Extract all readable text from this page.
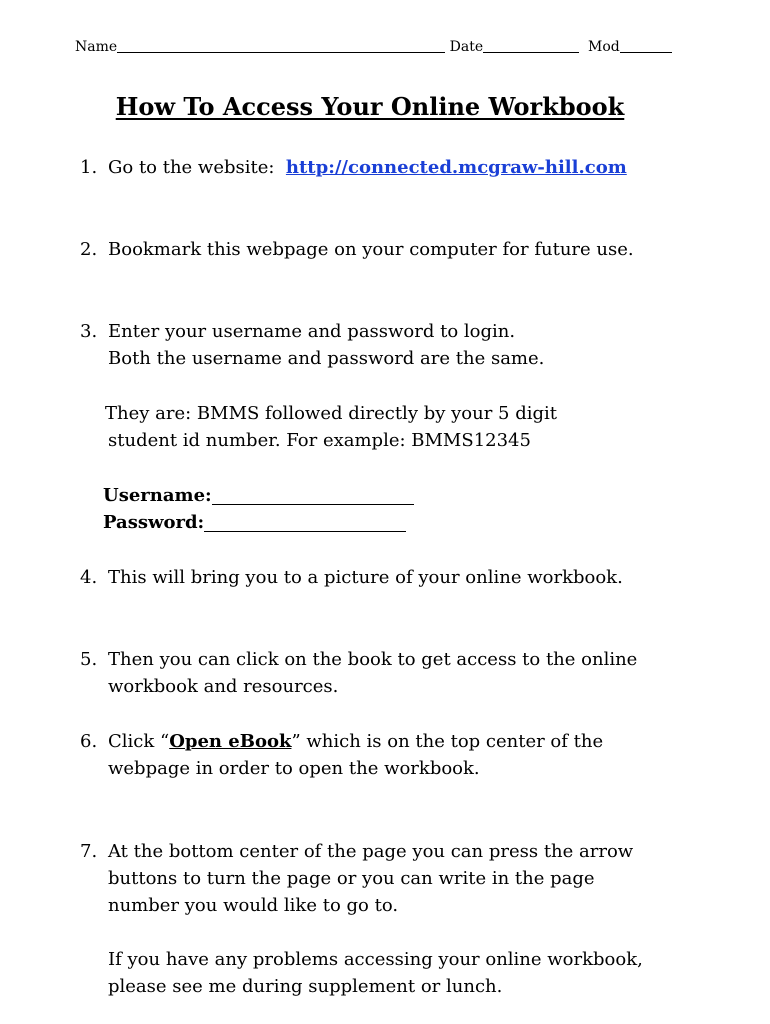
Name	Date	Mod
How To Access Your Online Workbook
1. Go to the website:  http://connected.mcgraw-hill.com
2. Bookmark this webpage on your computer for future use.
3. Enter your username and password to login.
Both the username and password are the same.
They are: BMMS followed directly by your 5 digit
student id number. For example: BMMS12345
Username:
Password:
4. This will bring you to a picture of your online workbook.
5. Then you can click on the book to get access to the online
workbook and resources.
6. Click “Open eBook” which is on the top center of the
webpage in order to open the workbook.
7. At the bottom center of the page you can press the arrow
buttons to turn the page or you can write in the page
number you would like to go to.
If you have any problems accessing your online workbook,
please see me during supplement or lunch.
